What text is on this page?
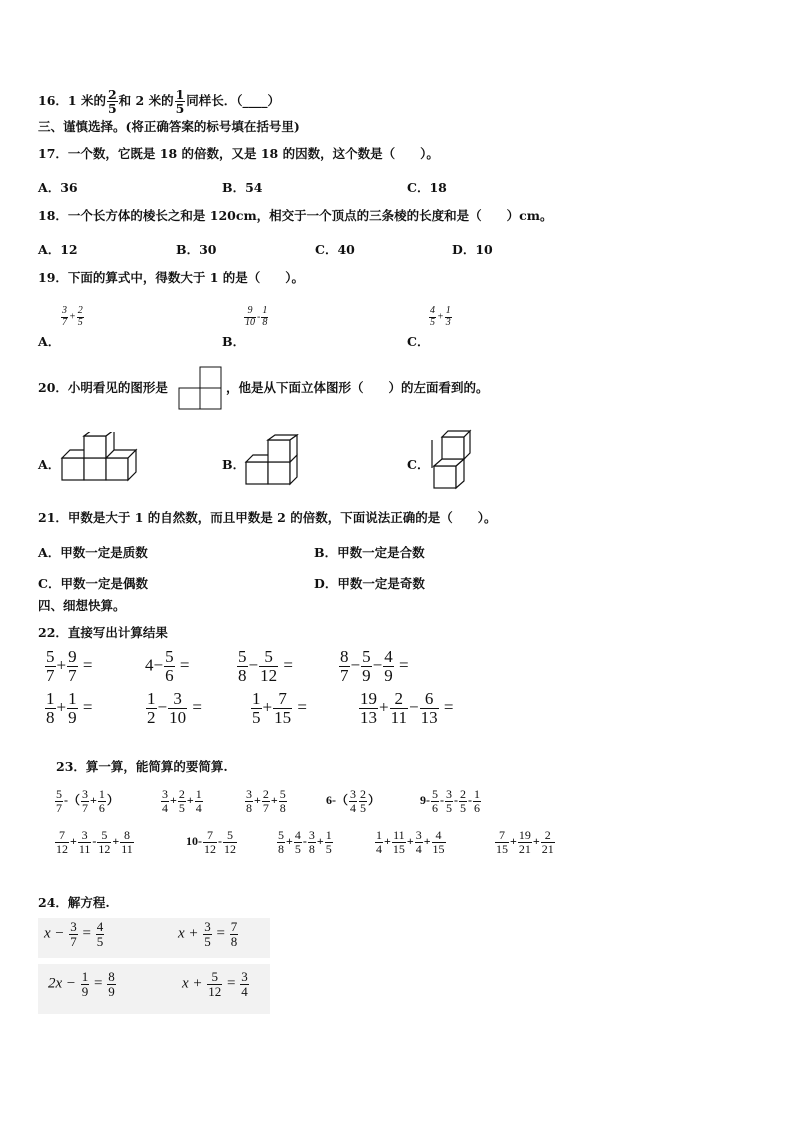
16．1 米的 $\frac{2}{5}$ 和 2 米的 $\frac{1}{5}$ 同样长．（____）
三、谨慎选择。(将正确答案的标号填在括号里)
17．一个数，它既是 18 的倍数，又是 18 的因数，这个数是（　　）。
A．36	B．54	C．18
18．一个长方体的棱长之和是 120cm，相交于一个顶点的三条棱的长度和是（　　）cm。
A．12	B．30	C．40	D．10
19．下面的算式中，得数大于 1 的是（　　）。
A．
$\frac{3}{7} + \frac{2}{5}$
B．
$\frac{9}{10} - \frac{1}{8}$
C．
$\frac{4}{5} + \frac{1}{3}$
20．小明看见的图形是	，他是从下面立体图形（　　）的左面看到的。
A．	B．	C．
21．甲数是大于 1 的自然数，而且甲数是 2 的倍数，下面说法正确的是（　　）。
A．甲数一定是质数	B．甲数一定是合数
C．甲数一定是偶数	D．甲数一定是奇数
四、细想快算。
22．直接写出计算结果
$\frac{5}{7} + \frac{9}{7}$ =	$4- \frac{5}{6}$ =	$\frac{5}{8} - \frac{5}{12}$ =	$\frac{8}{7} - \frac{5}{9} - \frac{4}{9}$ =
$\frac{1}{8} + \frac{1}{9}$ =	$\frac{1}{2} - \frac{3}{10}$ =	$\frac{1}{5} + \frac{7}{15}$ =	$\frac{19}{13} + \frac{2}{11} - \frac{6}{13}$ =
23．算一算，能简算的要简算.
$\frac{5}{7}$ -（ $\frac{3}{7} + \frac{1}{6}$ ）	$\frac{3}{4} + \frac{2}{5} + \frac{1}{4}$	$\frac{3}{8} + \frac{2}{7} + \frac{5}{8}$	$6-( \frac{3}{4} \frac{2}{5}$ ）	$9- \frac{5}{6} - \frac{3}{5} - \frac{2}{5} - \frac{1}{6}$
$\frac{7}{12} + \frac{3}{11} - \frac{5}{12} + \frac{8}{11}$	$10- \frac{7}{12} - \frac{5}{12}$	$\frac{5}{8} + \frac{4}{5} - \frac{3}{8} + \frac{1}{5}$	$\frac{1}{4} + \frac{11}{15} + \frac{3}{4} + \frac{4}{15}$	$\frac{7}{15} + \frac{19}{21} + \frac{2}{21}$
24．解方程.
$x - \frac{3}{7} = \frac{4}{5}$	$x + \frac{3}{5} = \frac{7}{8}$
$2x - \frac{1}{9} = \frac{8}{9}$	$x + \frac{5}{12} = \frac{3}{4}$
